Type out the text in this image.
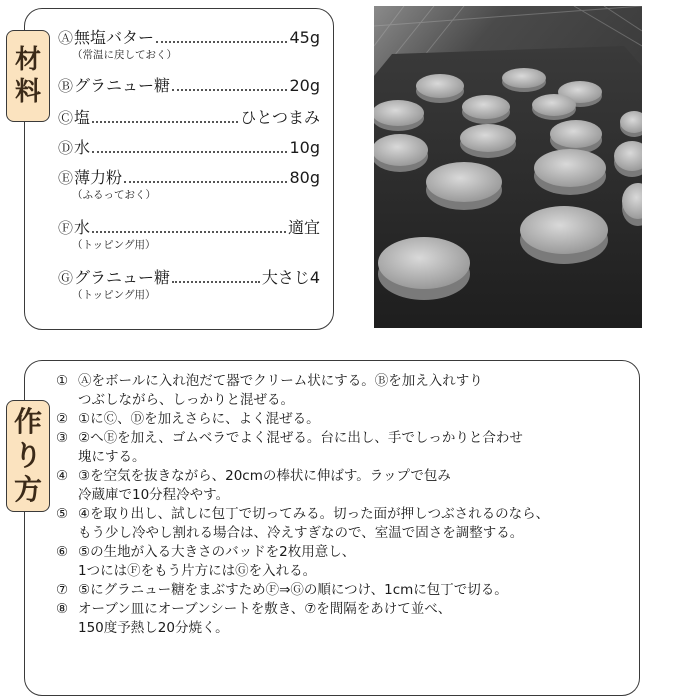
材
料
Ⓐ 無塩バター	45g
（常温に戻しておく）
Ⓑ グラニュー糖	20g
Ⓒ 塩	ひとつまみ
Ⓓ 水	10g
Ⓔ 薄力粉	80g
（ふるっておく）
Ⓕ 水	適宜
（トッピング用）
Ⓖ グラニュー糖	大さじ4
（トッピング用）
作
り
方
① Ⓐをボールに入れ泡だて器でクリーム状にする。Ⓑを加え入れすり
つぶしながら、しっかりと混ぜる。
② ①にⒸ、Ⓓを加えさらに、よく混ぜる。
③ ②へⒺを加え、ゴムベラでよく混ぜる。台に出し、手でしっかりと合わせ
塊にする。
④ ③を空気を抜きながら、20cmの棒状に伸ばす。ラップで包み
冷蔵庫で10分程冷やす。
⑤ ④を取り出し、試しに包丁で切ってみる。切った面が押しつぶされるのなら、
もう少し冷やし割れる場合は、冷えすぎなので、室温で固さを調整する。
⑥ ⑤の生地が入る大きさのバッドを2枚用意し、
1つにはⒻをもう片方にはⒼを入れる。
⑦ ⑤にグラニュー糖をまぶすためⒻ⇒Ⓖの順につけ、1cmに包丁で切る。
⑧ オーブン皿にオーブンシートを敷き、⑦を間隔をあけて並べ、
150度予熱し20分焼く。
